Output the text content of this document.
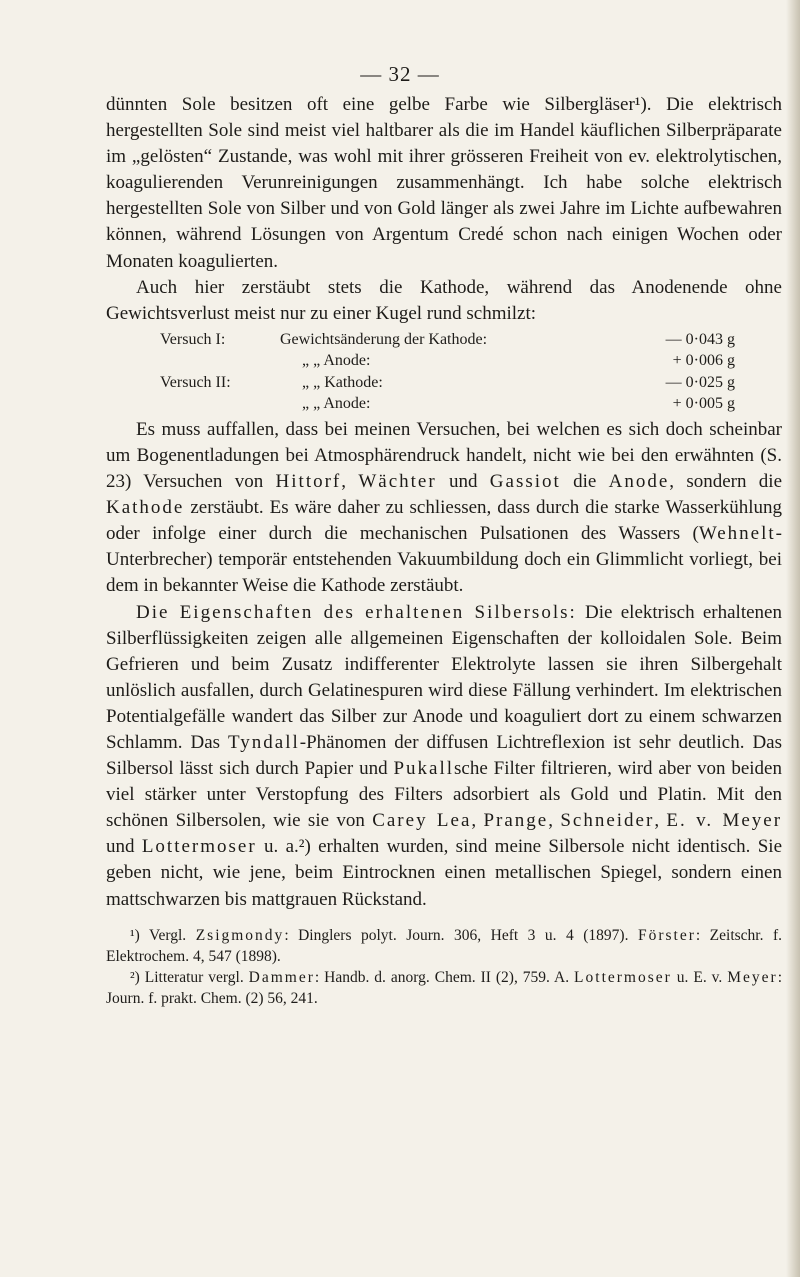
— 32 —

dünnten Sole besitzen oft eine gelbe Farbe wie Silbergläser¹). Die elektrisch hergestellten Sole sind meist viel haltbarer als die im Handel käuflichen Silberpräparate im „gelösten“ Zustande, was wohl mit ihrer grösseren Freiheit von ev. elektrolytischen, koagulierenden Verunreinigungen zusammenhängt. Ich habe solche elektrisch hergestellten Sole von Silber und von Gold länger als zwei Jahre im Lichte aufbewahren können, während Lösungen von Argentum Credé schon nach einigen Wochen oder Monaten koagulierten.

Auch hier zerstäubt stets die Kathode, während das Anodenende ohne Gewichtsverlust meist nur zu einer Kugel rund schmilzt:

Versuch I:	Gewichtsänderung der Kathode:	— 0·043 g
„ „ Anode:	+ 0·006 g
Versuch II:	„ „ Kathode:	— 0·025 g
„ „ Anode:	+ 0·005 g

Es muss auffallen, dass bei meinen Versuchen, bei welchen es sich doch scheinbar um Bogenentladungen bei Atmosphärendruck handelt, nicht wie bei den erwähnten (S. 23) Versuchen von Hittorf, Wächter und Gassiot die Anode, sondern die Kathode zerstäubt. Es wäre daher zu schliessen, dass durch die starke Wasserkühlung oder infolge einer durch die mechanischen Pulsationen des Wassers (Wehnelt-Unterbrecher) temporär entstehenden Vakuumbildung doch ein Glimmlicht vorliegt, bei dem in bekannter Weise die Kathode zerstäubt.

Die Eigenschaften des erhaltenen Silbersols: Die elektrisch erhaltenen Silberflüssigkeiten zeigen alle allgemeinen Eigenschaften der kolloidalen Sole. Beim Gefrieren und beim Zusatz indifferenter Elektrolyte lassen sie ihren Silbergehalt unlöslich ausfallen, durch Gelatinespuren wird diese Fällung verhindert. Im elektrischen Potentialgefälle wandert das Silber zur Anode und koaguliert dort zu einem schwarzen Schlamm. Das Tyndall-Phänomen der diffusen Lichtreflexion ist sehr deutlich. Das Silbersol lässt sich durch Papier und Pukallsche Filter filtrieren, wird aber von beiden viel stärker unter Verstopfung des Filters adsorbiert als Gold und Platin. Mit den schönen Silbersolen, wie sie von Carey Lea, Prange, Schneider, E. v. Meyer und Lottermoser u. a.²) erhalten wurden, sind meine Silbersole nicht identisch. Sie geben nicht, wie jene, beim Eintrocknen einen metallischen Spiegel, sondern einen mattschwarzen bis mattgrauen Rückstand.

¹) Vergl. Zsigmondy: Dinglers polyt. Journ. 306, Heft 3 u. 4 (1897). Förster: Zeitschr. f. Elektrochem. 4, 547 (1898).

²) Litteratur vergl. Dammer: Handb. d. anorg. Chem. II (2), 759. A. Lottermoser u. E. v. Meyer: Journ. f. prakt. Chem. (2) 56, 241.
